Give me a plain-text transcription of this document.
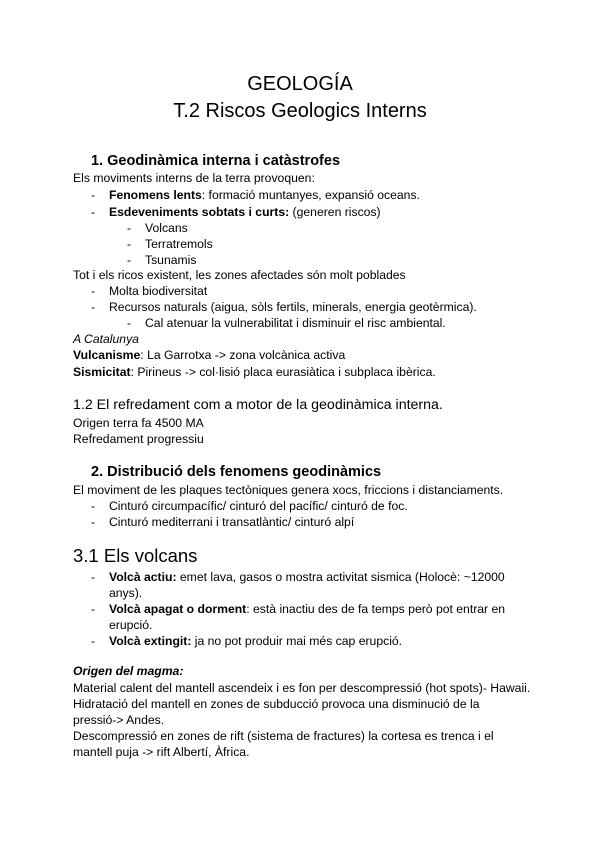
GEOLOGÍA
T.2 Riscos Geologics Interns
1. Geodinàmica interna i catàstrofes
Els moviments interns de la terra provoquen:
- Fenomens lents: formació muntanyes, expansió oceans.
- Esdeveniments sobtats i curts: (generen riscos)
- Volcans
- Terratremols
- Tsunamis
Tot i els ricos existent, les zones afectades són molt poblades
- Molta biodiversitat
- Recursos naturals (aigua, sòls fertils, minerals, energia geotèrmica).
- Cal atenuar la vulnerabilitat i disminuir el risc ambiental.
A Catalunya
Vulcanisme: La Garrotxa -> zona volcànica activa
Sismicitat: Pirineus -> col·lisió placa eurasiàtica i subplaca ibèrica.
1.2 El refredament com a motor de la geodinàmica interna.
Origen terra fa 4500 MA
Refredament progressiu
2. Distribució dels fenomens geodinàmics
El moviment de les plaques tectòniques genera xocs, friccions i distanciaments.
- Cinturó circumpacífic/ cinturó del pacífic/ cinturó de foc.
- Cinturó mediterrani i transatlàntic/ cinturó alpí
3.1 Els volcans
- Volcà actiu: emet lava, gasos o mostra activitat sismica (Holocè: ~12000
anys).
- Volcà apagat o dorment: està inactiu des de fa temps però pot entrar en
erupció.
- Volcà extingit: ja no pot produir mai més cap erupció.
Origen del magma:
Material calent del mantell ascendeix i es fon per descompressió (hot spots)- Hawaii.
Hidratació del mantell en zones de subducció provoca una disminució de la
pressió-> Andes.
Descompressió en zones de rift (sistema de fractures) la cortesa es trenca i el
mantell puja -> rift Albertí, Àfrica.
